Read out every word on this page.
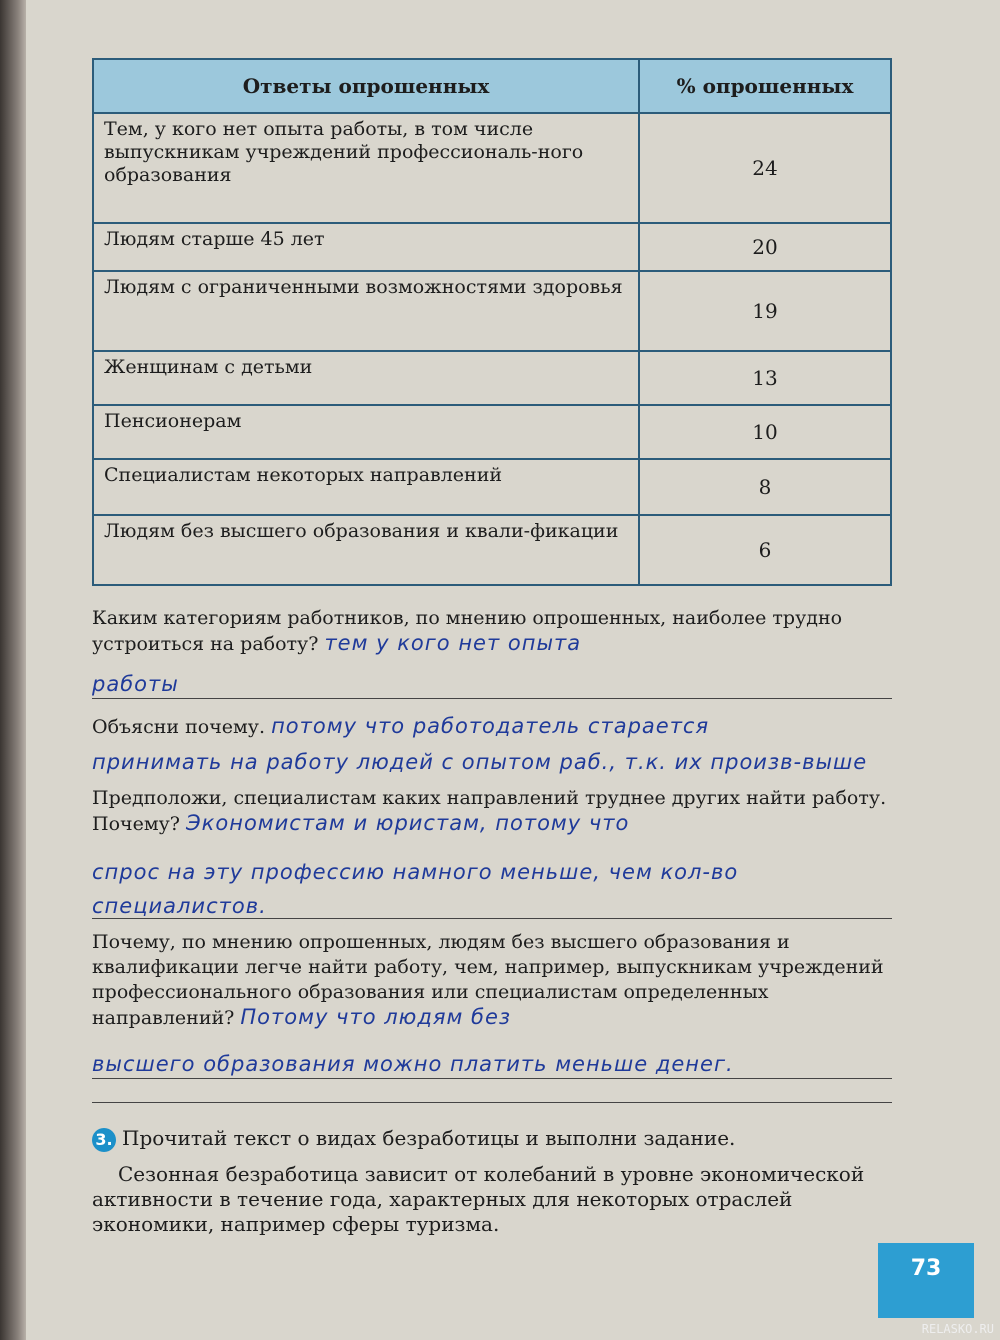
Ответы опрошенных	% опрошенных
Тем, у кого нет опыта работы, в том числе выпускникам учреждений профессиональ-ного образования	24
Людям старше 45 лет	20
Людям с ограниченными возможностями здоровья	19
Женщинам с детьми	13
Пенсионерам	10
Специалистам некоторых направлений	8
Людям без высшего образования и квали-фикации	6
Каким категориям работников, по мнению опрошенных, наиболее трудно устроиться на работу? тем у кого нет опыта
работы
Объясни почему. потому что работодатель старается
принимать на работу людей с опытом раб., т.к. их произв-выше
Предположи, специалистам каких направлений труднее других найти работу. Почему? Экономистам и юристам, потому что
спрос на эту профессию намного меньше, чем кол-во
специалистов.
Почему, по мнению опрошенных, людям без высшего образования и квалификации легче найти работу, чем, например, выпускникам учреждений профессионального образования или специалистам определенных направлений? Потому что людям без
высшего образования можно платить меньше денег.
3. Прочитай текст о видах безработицы и выполни задание.
Сезонная безработица зависит от колебаний в уровне экономической активности в течение года, характерных для некоторых отраслей экономики, например сферы туризма.
73
RELASKO.RU
